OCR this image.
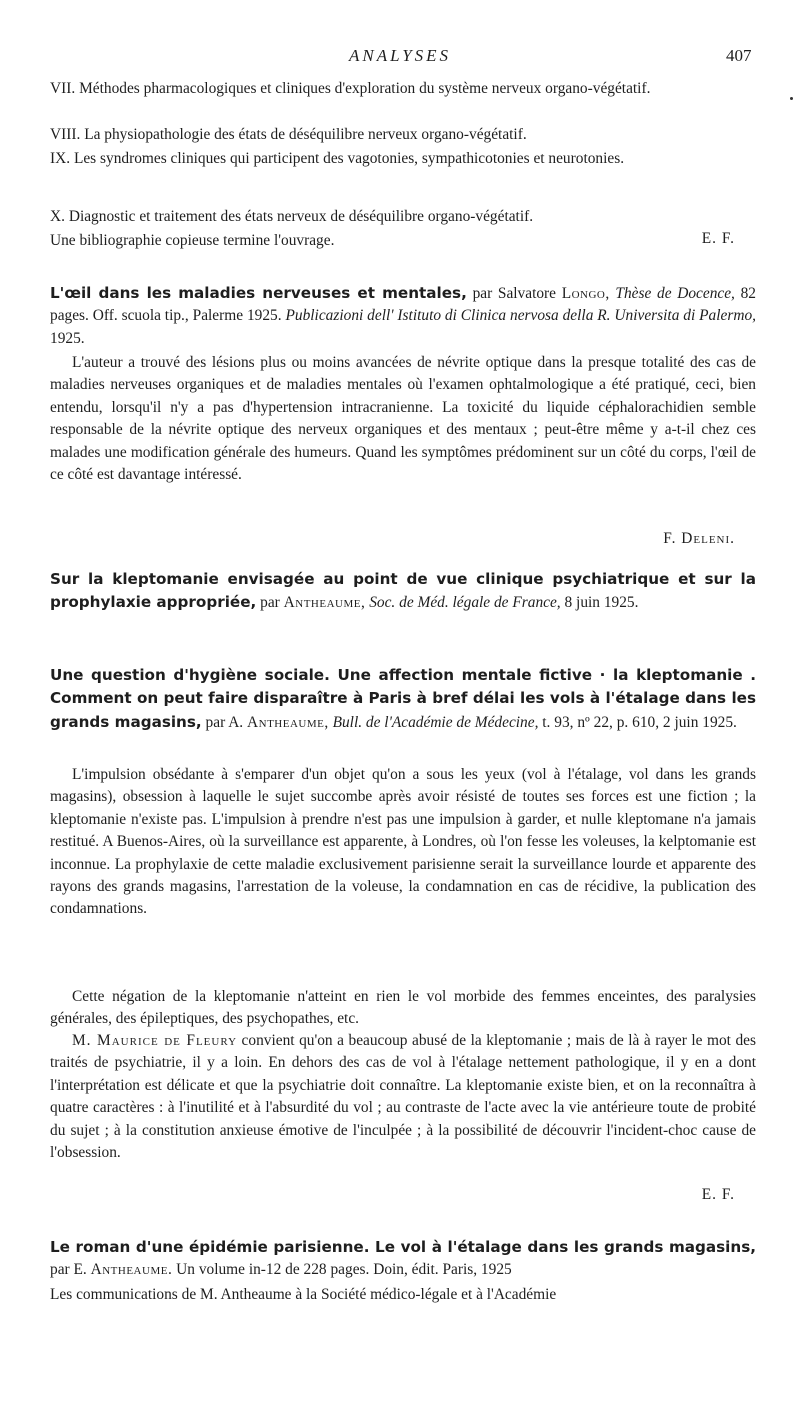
ANALYSES	407

VII. Méthodes pharmacologiques et cliniques d'exploration du système nerveux organo-végétatif.

VIII. La physiopathologie des états de déséquilibre nerveux organo-végétatif.

IX. Les syndromes cliniques qui participent des vagotonies, sympathicotonies et neurotonies.

X. Diagnostic et traitement des états nerveux de déséquilibre organo-végétatif.

Une bibliographie copieuse termine l'ouvrage.	E. F.

L'œil dans les maladies nerveuses et mentales, par Salvatore Longo, Thèse de Docence, 82 pages. Off. scuola tip., Palerme 1925. Publicazioni dell' Istituto di Clinica nervosa della R. Universita di Palermo, 1925.

L'auteur a trouvé des lésions plus ou moins avancées de névrite optique dans la presque totalité des cas de maladies nerveuses organiques et de maladies mentales où l'examen ophtalmologique a été pratiqué, ceci, bien entendu, lorsqu'il n'y a pas d'hypertension intracranienne. La toxicité du liquide céphalorachidien semble responsable de la névrite optique des nerveux organiques et des mentaux ; peut-être même y a-t-il chez ces malades une modification générale des humeurs. Quand les symptômes prédominent sur un côté du corps, l'œil de ce côté est davantage intéressé.

F. Deleni.

Sur la kleptomanie envisagée au point de vue clinique psychiatrique et sur la prophylaxie appropriée, par Antheaume, Soc. de Méd. légale de France, 8 juin 1925.

Une question d'hygiène sociale. Une affection mentale fictive · la kleptomanie . Comment on peut faire disparaître à Paris à bref délai les vols à l'étalage dans les grands magasins, par A. Antheaume, Bull. de l'Académie de Médecine, t. 93, nº 22, p. 610, 2 juin 1925.

L'impulsion obsédante à s'emparer d'un objet qu'on a sous les yeux (vol à l'étalage, vol dans les grands magasins), obsession à laquelle le sujet succombe après avoir résisté de toutes ses forces est une fiction ; la kleptomanie n'existe pas. L'impulsion à prendre n'est pas une impulsion à garder, et nulle kleptomane n'a jamais restitué. A Buenos-Aires, où la surveillance est apparente, à Londres, où l'on fesse les voleuses, la kelptomanie est inconnue. La prophylaxie de cette maladie exclusivement parisienne serait la surveillance lourde et apparente des rayons des grands magasins, l'arrestation de la voleuse, la condamnation en cas de récidive, la publication des condamnations.

Cette négation de la kleptomanie n'atteint en rien le vol morbide des femmes enceintes, des paralysies générales, des épileptiques, des psychopathes, etc.

M. Maurice de Fleury convient qu'on a beaucoup abusé de la kleptomanie ; mais de là à rayer le mot des traités de psychiatrie, il y a loin. En dehors des cas de vol à l'étalage nettement pathologique, il y en a dont l'interprétation est délicate et que la psychiatrie doit connaître. La kleptomanie existe bien, et on la reconnaîtra à quatre caractères : à l'inutilité et à l'absurdité du vol ; au contraste de l'acte avec la vie antérieure toute de probité du sujet ; à la constitution anxieuse émotive de l'inculpée ; à la possibilité de découvrir l'incident-choc cause de l'obsession.

E. F.

Le roman d'une épidémie parisienne. Le vol à l'étalage dans les grands magasins, par E. Antheaume. Un volume in-12 de 228 pages. Doin, édit. Paris, 1925

Les communications de M. Antheaume à la Société médico-légale et à l'Académie
